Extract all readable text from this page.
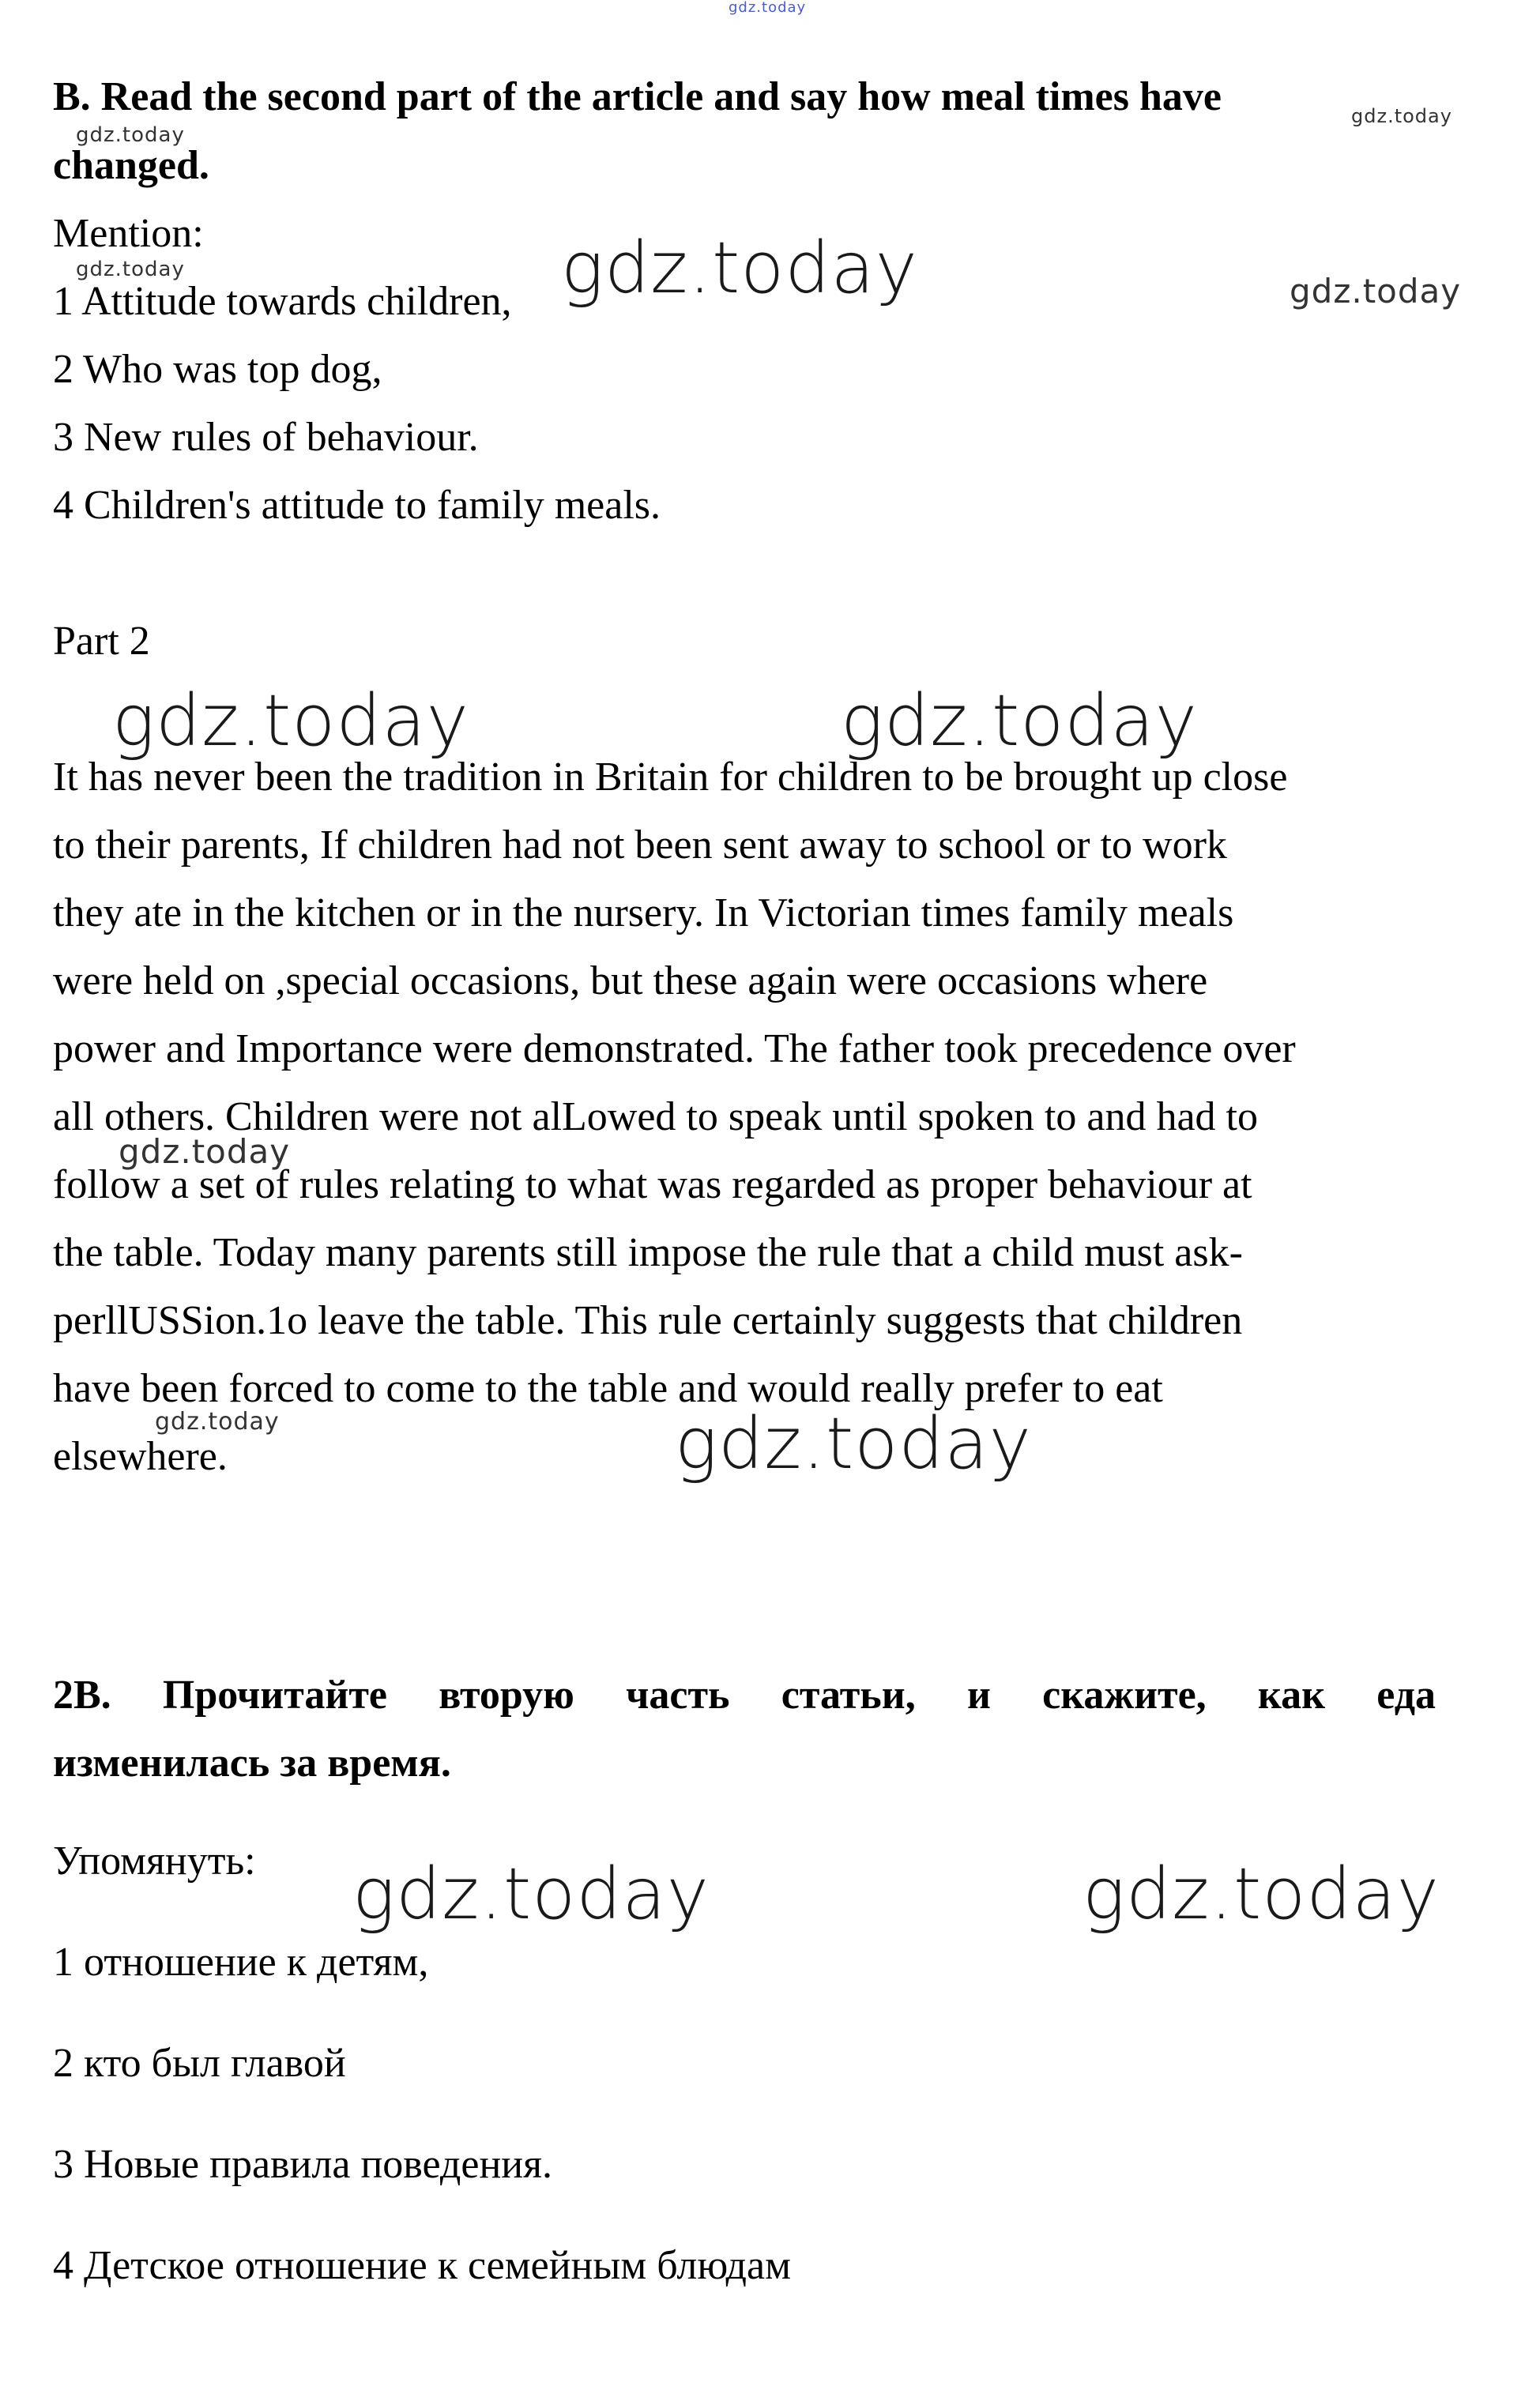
gdz.today
B. Read the second part of the article and say how meal times have
changed.
Mention:
1 Attitude towards children,
2 Who was top dog,
3 New rules of behaviour.
4 Children's attitude to family meals.
Part 2
It has never been the tradition in Britain for children to be brought up close
to their parents, If children had not been sent away to school or to work
they ate in the kitchen or in the nursery. In Victorian times family meals
were held on ,special occasions, but these again were occasions where
power and Importance were demonstrated. The father took precedence over
all others. Children were not alLowed to speak until spoken to and had to
follow a set of rules relating to what was regarded as proper behaviour at
the table. Today many parents still impose the rule that a child must ask-
perllUSSion.1o leave the table. This rule certainly suggests that children
have been forced to come to the table and would really prefer to eat
elsewhere.
2B. Прочитайте вторую часть статьи, и скажите, как еда
изменилась за время.
Упомянуть:
1 отношение к детям,
2 кто был главой
3 Новые правила поведения.
4 Детское отношение к семейным блюдам
gdz.today
gdz.today
gdz.today	gdz.today	gdz.today
gdz.today	gdz.today
gdz.today
gdz.today	gdz.today
gdz.today	gdz.today
